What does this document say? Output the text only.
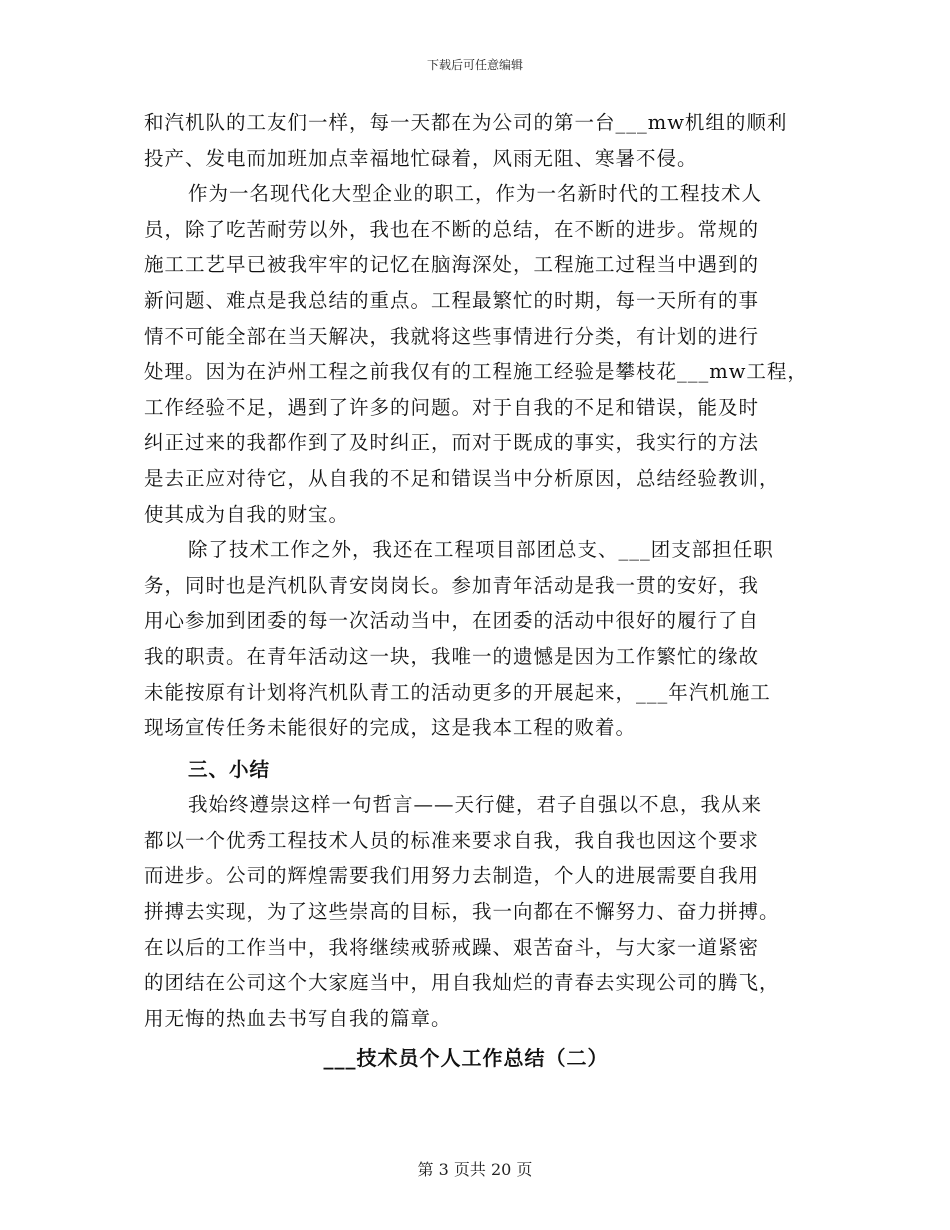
下载后可任意编辑
和汽机队的工友们一样，每一天都在为公司的第一台___mw机组的顺利
投产、发电而加班加点幸福地忙碌着，风雨无阻、寒暑不侵。
作为一名现代化大型企业的职工，作为一名新时代的工程技术人
员，除了吃苦耐劳以外，我也在不断的总结，在不断的进步。常规的
施工工艺早已被我牢牢的记忆在脑海深处，工程施工过程当中遇到的
新问题、难点是我总结的重点。工程最繁忙的时期，每一天所有的事
情不可能全部在当天解决，我就将这些事情进行分类，有计划的进行
处理。因为在泸州工程之前我仅有的工程施工经验是攀枝花___mw工程，
工作经验不足，遇到了许多的问题。对于自我的不足和错误，能及时
纠正过来的我都作到了及时纠正，而对于既成的事实，我实行的方法
是去正应对待它，从自我的不足和错误当中分析原因，总结经验教训，
使其成为自我的财宝。
除了技术工作之外，我还在工程项目部团总支、___团支部担任职
务，同时也是汽机队青安岗岗长。参加青年活动是我一贯的安好，我
用心参加到团委的每一次活动当中，在团委的活动中很好的履行了自
我的职责。在青年活动这一块，我唯一的遗憾是因为工作繁忙的缘故
未能按原有计划将汽机队青工的活动更多的开展起来，___年汽机施工
现场宣传任务未能很好的完成，这是我本工程的败着。
三、小结
我始终遵崇这样一句哲言——天行健，君子自强以不息，我从来
都以一个优秀工程技术人员的标准来要求自我，我自我也因这个要求
而进步。公司的辉煌需要我们用努力去制造，个人的进展需要自我用
拼搏去实现，为了这些崇高的目标，我一向都在不懈努力、奋力拼搏。
在以后的工作当中，我将继续戒骄戒躁、艰苦奋斗，与大家一道紧密
的团结在公司这个大家庭当中，用自我灿烂的青春去实现公司的腾飞，
用无悔的热血去书写自我的篇章。
___技术员个人工作总结（二）
第 3 页共 20 页
